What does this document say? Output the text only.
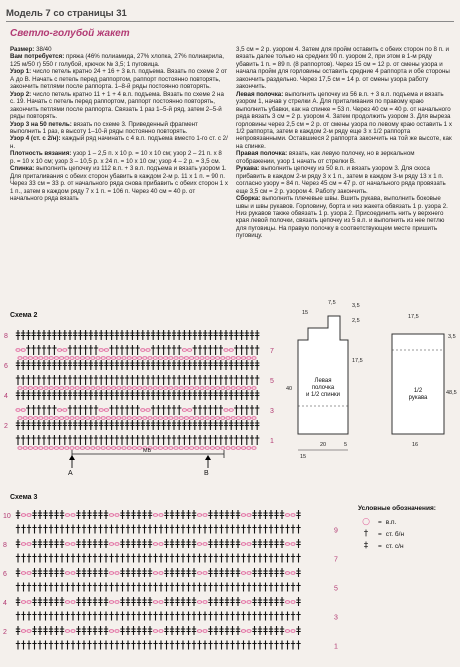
Модель 7 со страницы 31
Светло-голубой жакет

Размер: 38/40

Вам потребуется: пряжа (46% полиамида, 27% хлопка, 27% полиакрила, 125 м/50 г) 550 г голубой, крючок № 3,5; 1 пуговица.

Узор 1: число петель кратно 24 + 16 + 3 в.п. подъема. Вязать по схеме 2 от А до В. Начать с петель перед раппортом, раппорт постоянно повторять, закончить петлями после раппорта. 1–8-й ряды постоянно повторять.

Узор 2: число петель кратно 11 + 1 + 4 в.п. подъема. Вязать по схеме 2 на с. 19. Начать с петель перед раппортом, раппорт постоянно повторять, закончить петлями после раппорта. Связать 1 раз 1–5-й ряд, затем 2–5-й ряды повторять.

Узор 3 на 50 петель: вязать по схеме 3. Приведенный фрагмент выполнить 1 раз, в высоту 1–10-й ряды постоянно повторять.

Узор 4 (ст. с 2/н): каждый ряд начинать с 4 в.п. подъема вместо 1-го ст. с 2/н.

Плотность вязания: узор 1 – 2,5 п. х 10 р. = 10 х 10 см; узор 2 – 21 п. х 8 р. = 10 х 10 см; узор 3 – 10,5 р. х 24 п. = 10 х 10 см; узор 4 – 2 р. = 3,5 см.

Спинка: выполнить цепочку из 112 в.п. + 3 в.п. подъема и вязать узором 1. Для приталивания с обеих сторон убавить в каждом 2-м р. 11 х 1 п. = 90 п. Через 33 см = 33 р. от начального ряда снова прибавить с обеих сторон 1 х 1 п., затем в каждом ряду 7 х 1 п. = 106 п. Через 40 см = 40 р. от начального ряда вязать

3,5 см = 2 р. узором 4. Затем для пройм оставить с обеих сторон по 8 п. и вязать далее только на средних 90 п. узором 2, при этом в 1-м ряду убавить 1 п. = 89 п. (8 раппортов). Через 15 см = 12 р. от смены узора и начала пройм для горловины оставить средние 4 раппорта и обе стороны закончить раздельно. Через 17,5 см = 14 р. от смены узора работу закончить.

Левая полочка: выполнить цепочку из 56 в.п. + 3 в.п. подъема и вязать узором 1, начав у стрелки А. Для приталивания по правому краю выполнить убавки, как на спинке = 53 п. Через 40 см = 40 р. от начального ряда вязать 3 см = 2 р. узором 4. Затем продолжить узором 3. Для выреза горловины через 2,5 см = 2 р. от смены узора по левому краю оставить 1 х 1/2 раппорта, затем в каждом 2-м ряду еще 3 х 1/2 раппорта непровязанными. Оставшиеся 2 раппорта закончить на той же высоте, как на спинке.

Правая полочка: вязать, как левую полочку, но в зеркальном отображении, узор 1 начать от стрелки В.

Рукава: выполнить цепочку из 50 в.п. и вязать узором 3. Для скоса прибавить в каждом 2-м ряду 3 х 1 п., затем в каждом 3-м ряду 13 х 1 п. согласно узору = 84 п. Через 45 см = 47 р. от начального ряда провязать еще 3,5 см = 2 р. узором 4. Работу закончить.

Сборка: выполнить плечевые швы. Вшить рукава, выполнить боковые швы и швы рукавов. Горловину, борта и низ жакета обвязать 1 р. узора 2. Низ рукавов также обвязать 1 р. узора 2. Присоединить нить у верхнего края левой полочки, связать цепочку из 5 в.п. и выполнить из нее петлю для пуговицы. На правую полочку в соответствующем месте пришить пуговицу.

Схема 2
8
6
4
2
7
5
3
1
МБ
A	B
Левая полочка и 1/2 спинки
7,5
15
3,5
2,5
17,5
40
20	5
15
1/2 рукава
17,5
3,5
48,5
16
Схема 3
10
8
6
4
2
9
7
5
3
1
Условные обозначения:
○	= в.п.
†	= ст. б/н
‡	= ст. с/н
